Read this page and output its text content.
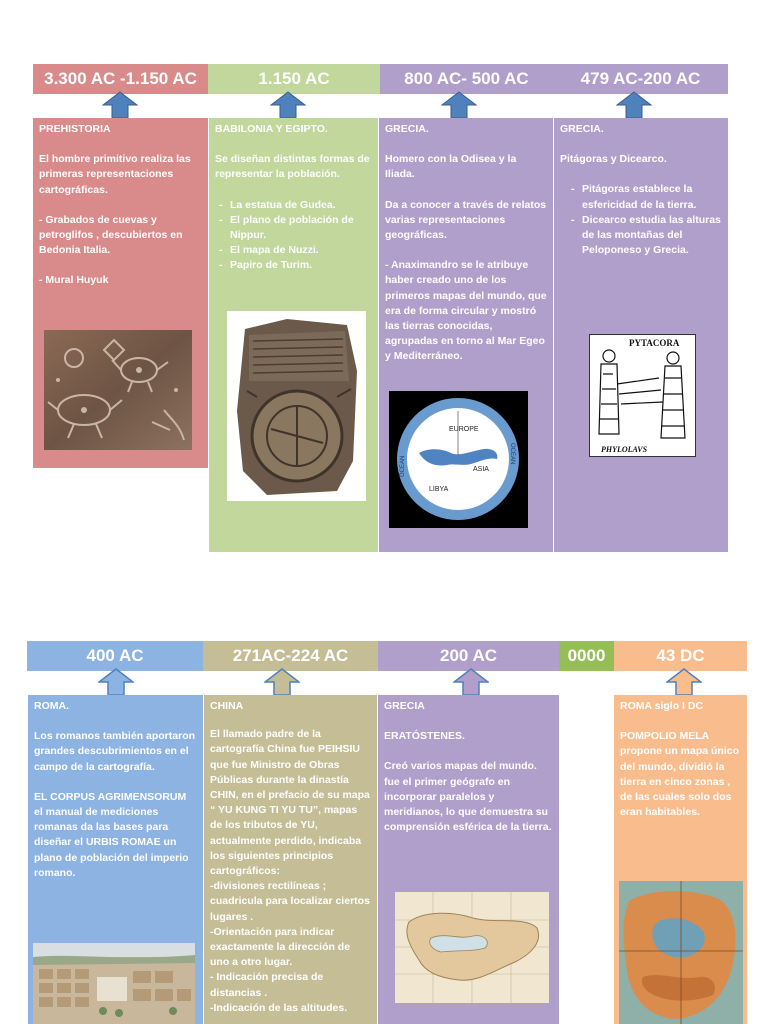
3.300 AC -1.150 AC	1.150 AC	800 AC- 500 AC	479 AC-200 AC
PREHISTORIA

El hombre primitivo realiza las primeras representaciones cartográficas.

- Grabados de cuevas y petroglifos , descubiertos en Bedonia Italia.

- Mural Huyuk

BABILONIA Y EGIPTO.

Se diseñan distintas formas de representar la población.

- La estatua de Gudea.
- El plano de población de Nippur.
- El mapa de Nuzzi.
- Papiro de Turim.
GRECIA.

Homero con la Odisea y la Iliada.

Da a conocer a través de relatos varias representaciones geográficas.

- Anaximandro se le atribuye haber creado uno de los primeros mapas del mundo, que era de forma circular y mostró las tierras conocidas, agrupadas en torno al Mar Egeo y Mediterráneo.

EUROPE
ASIA
LIBYA
OCEAN
OCEAN
GRECIA.

Pitágoras y Dicearco.

- Pitágoras establece la esfericidad de la tierra.
- Dicearco estudia las alturas de las montañas del Peloponeso y Grecia.
PYTACORA
PHYLOLAVS
400 AC	271AC-224 AC	200 AC	0000	43 DC
ROMA.

Los romanos también aportaron grandes descubrimientos en el campo de la cartografía.

EL CORPUS AGRIMENSORUM el manual de mediciones romanas da las bases para diseñar el URBIS ROMAE un plano de población del imperio romano.

CHINA
El llamado padre de la cartografía China fue PEIHSIU que fue Ministro de Obras Públicas durante la dinastía CHIN, en el prefacio de su mapa “ YU KUNG TI YU TU”, mapas de los tributos de YU, actualmente perdido, indicaba los siguientes principios cartográficos:
-divisiones rectilíneas ; cuadricula para localizar ciertos lugares .
-Orientación para indicar exactamente la dirección de uno a otro lugar.
- Indicación precisa de distancias .
-Indicación de las altitudes.
GRECIA

ERATÓSTENES.

Creó varios mapas del mundo. fue el primer geógrafo en incorporar paralelos y meridianos, lo que demuestra su comprensión esférica de la tierra.

ROMA siglo I DC

POMPOLIO MELA propone un mapa único del mundo, dividió la tierra en cinco zonas , de las cuales solo dos eran habitables.
